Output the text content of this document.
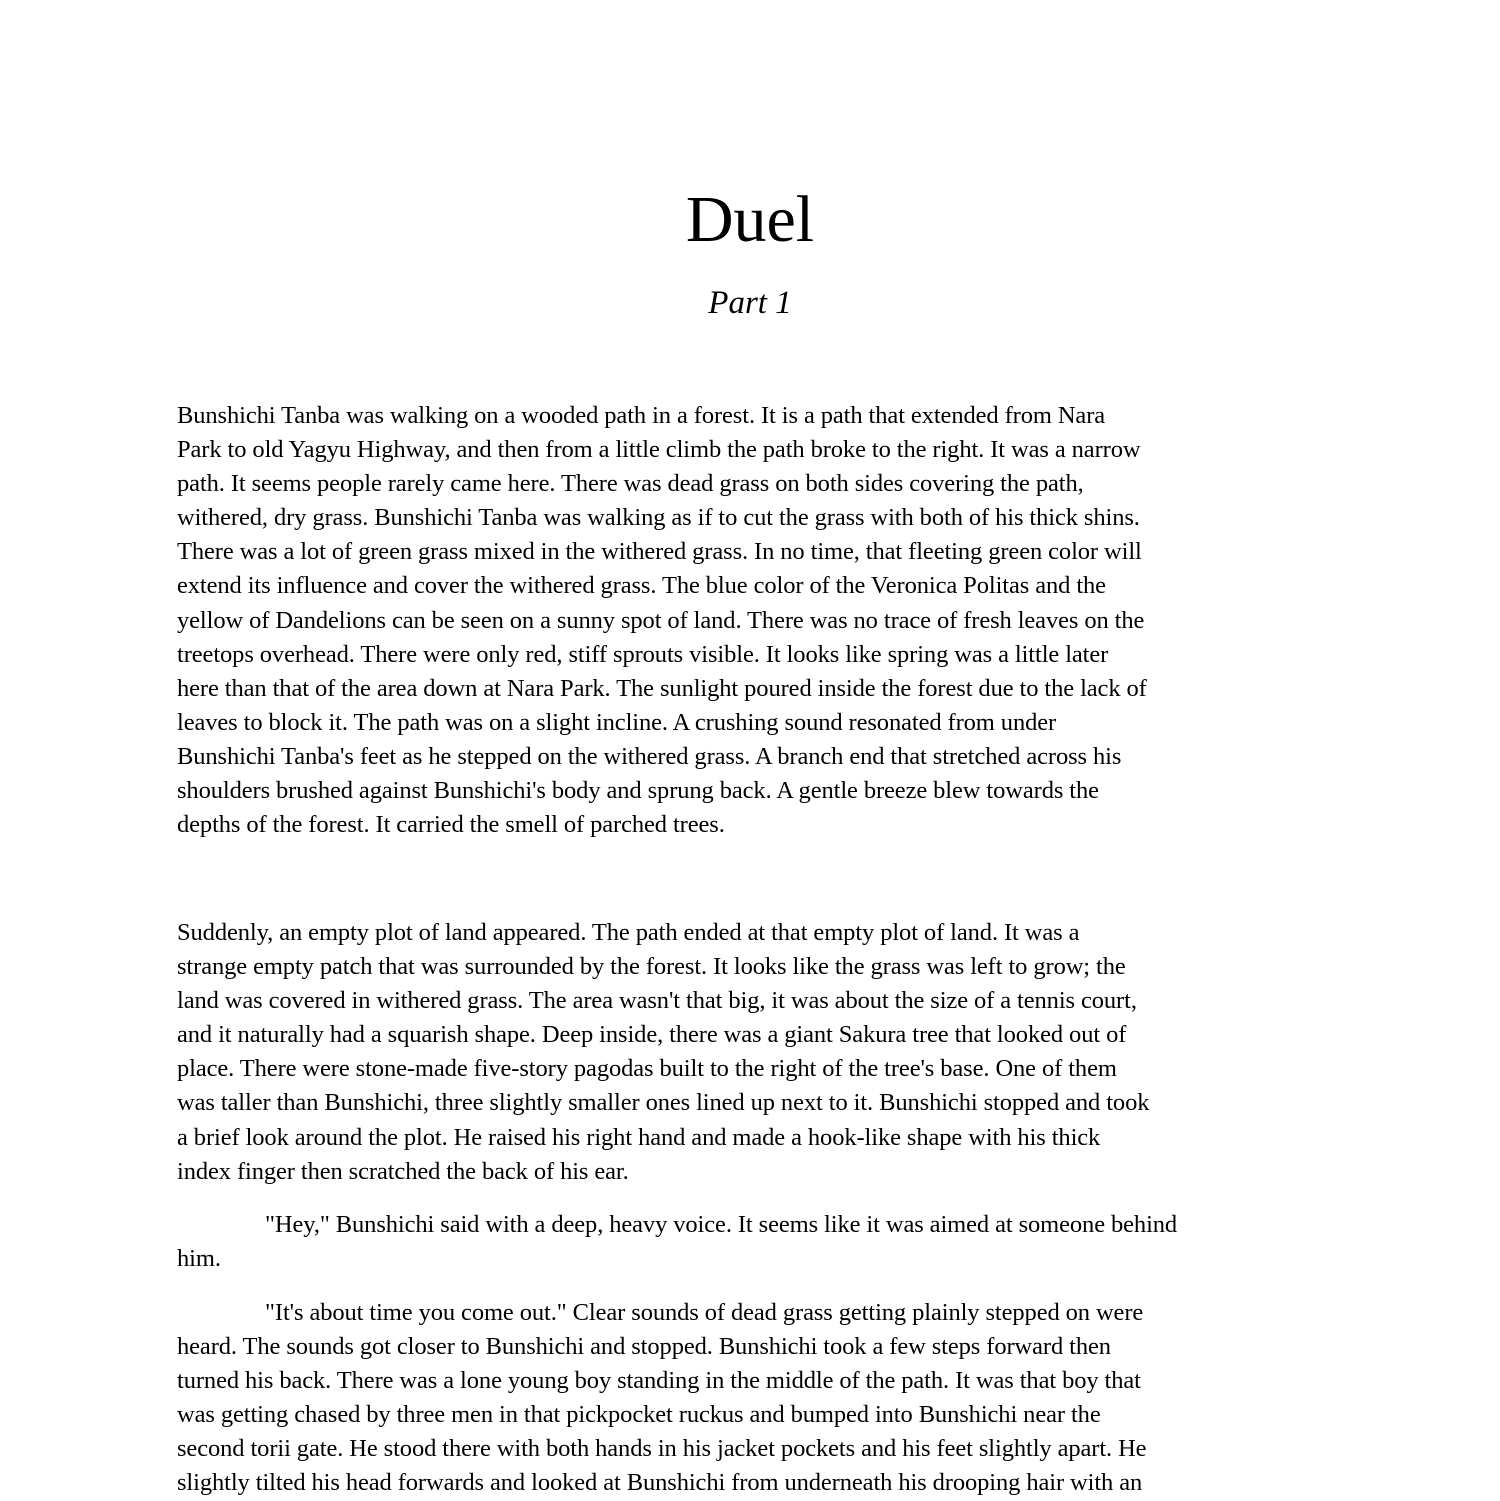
Duel
Part 1
Bunshichi Tanba was walking on a wooded path in a forest. It is a path that extended from Nara
Park to old Yagyu Highway, and then from a little climb the path broke to the right. It was a narrow
path. It seems people rarely came here. There was dead grass on both sides covering the path,
withered, dry grass. Bunshichi Tanba was walking as if to cut the grass with both of his thick shins.
There was a lot of green grass mixed in the withered grass. In no time, that fleeting green color will
extend its influence and cover the withered grass. The blue color of the Veronica Politas and the
yellow of Dandelions can be seen on a sunny spot of land. There was no trace of fresh leaves on the
treetops overhead. There were only red, stiff sprouts visible. It looks like spring was a little later
here than that of the area down at Nara Park. The sunlight poured inside the forest due to the lack of
leaves to block it. The path was on a slight incline. A crushing sound resonated from under
Bunshichi Tanba's feet as he stepped on the withered grass. A branch end that stretched across his
shoulders brushed against Bunshichi's body and sprung back. A gentle breeze blew towards the
depths of the forest. It carried the smell of parched trees.
Suddenly, an empty plot of land appeared. The path ended at that empty plot of land. It was a
strange empty patch that was surrounded by the forest. It looks like the grass was left to grow; the
land was covered in withered grass. The area wasn't that big, it was about the size of a tennis court,
and it naturally had a squarish shape. Deep inside, there was a giant Sakura tree that looked out of
place. There were stone-made five-story pagodas built to the right of the tree's base. One of them
was taller than Bunshichi, three slightly smaller ones lined up next to it. Bunshichi stopped and took
a brief look around the plot. He raised his right hand and made a hook-like shape with his thick
index finger then scratched the back of his ear.
"Hey," Bunshichi said with a deep, heavy voice. It seems like it was aimed at someone behind
him.
"It's about time you come out." Clear sounds of dead grass getting plainly stepped on were
heard. The sounds got closer to Bunshichi and stopped. Bunshichi took a few steps forward then
turned his back. There was a lone young boy standing in the middle of the path. It was that boy that
was getting chased by three men in that pickpocket ruckus and bumped into Bunshichi near the
second torii gate. He stood there with both hands in his jacket pockets and his feet slightly apart. He
slightly tilted his head forwards and looked at Bunshichi from underneath his drooping hair with an
